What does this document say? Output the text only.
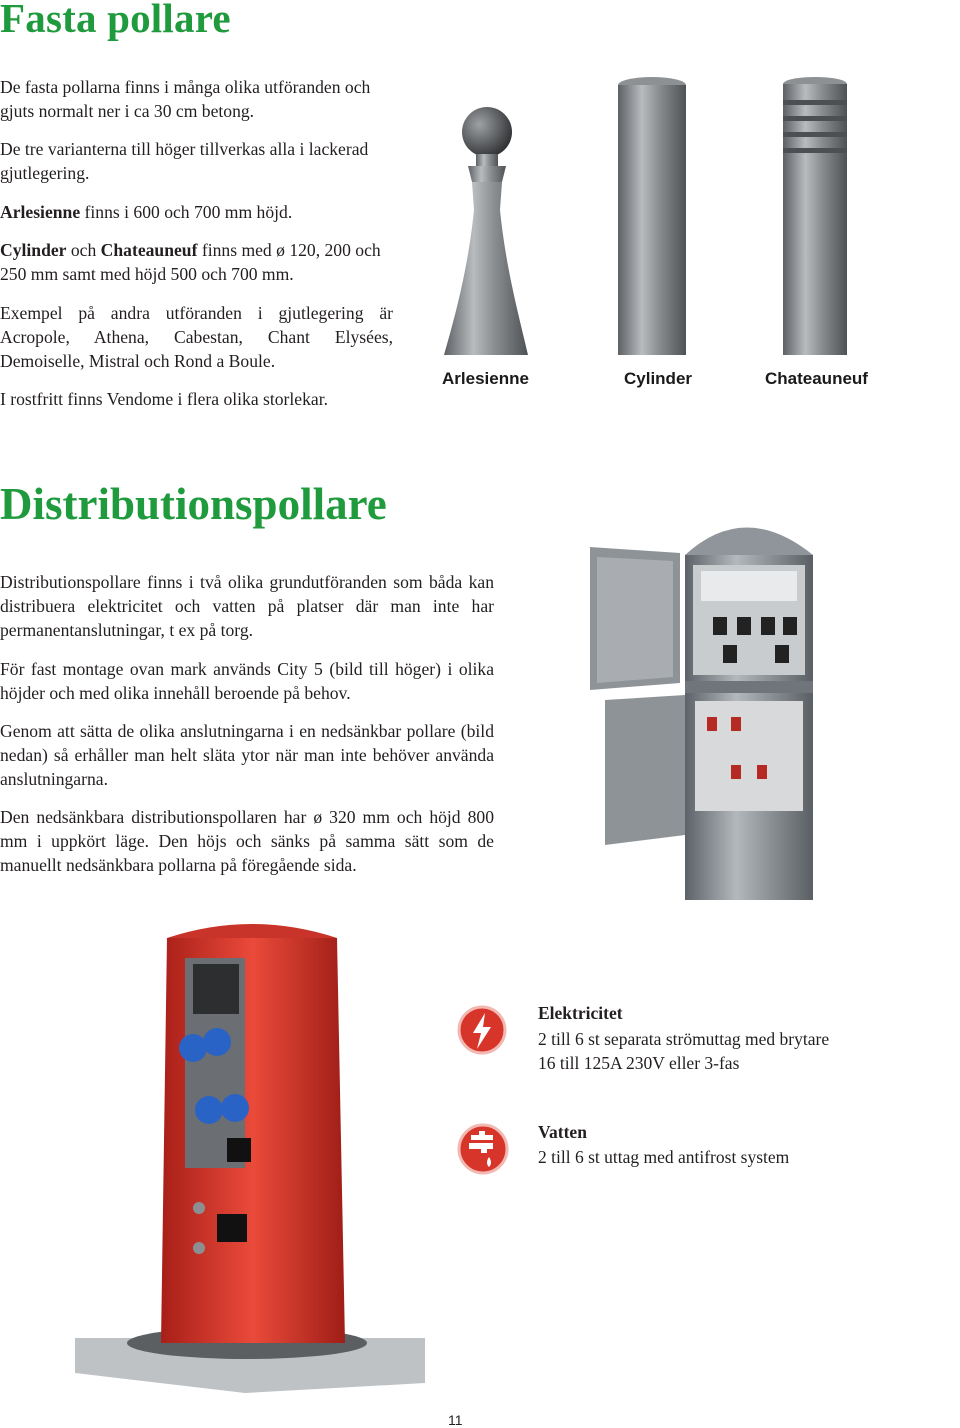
Fasta pollare

De fasta pollarna finns i många olika utföranden och gjuts normalt ner i ca 30 cm betong.

De tre varianterna till höger tillverkas alla i lackerad gjutlegering.

Arlesienne finns i 600 och 700 mm höjd.

Cylinder och Chateauneuf finns med ø 120, 200 och 250 mm samt med höjd 500 och 700 mm.

Exempel på andra utföranden i gjutlegering är Acropole, Athena, Cabestan, Chant Elysées, Demoiselle, Mistral och Rond a Boule.

I rostfritt finns Vendome i flera olika storlekar.

Arlesienne	Cylinder	Chateauneuf
Distributionspollare

Distributionspollare finns i två olika grundutföranden som båda kan distribuera elektricitet och vatten på platser där man inte har permanentanslutningar, t ex på torg.

För fast montage ovan mark används City 5 (bild till höger) i olika höjder och med olika innehåll beroende på behov.

Genom att sätta de olika anslutningarna i en nedsänkbar pollare (bild nedan) så erhåller man helt släta ytor när man inte behöver använda anslutningarna.

Den nedsänkbara distributionspollaren har ø 320 mm och höjd 800 mm i uppkört läge. Den höjs och sänks på samma sätt som de manuellt nedsänkbara pollarna på föregående sida.

Elektricitet
2 till 6 st separata strömuttag med brytare
16 till 125A 230V eller 3-fas
Vatten
2 till 6 st uttag med antifrost system
11
